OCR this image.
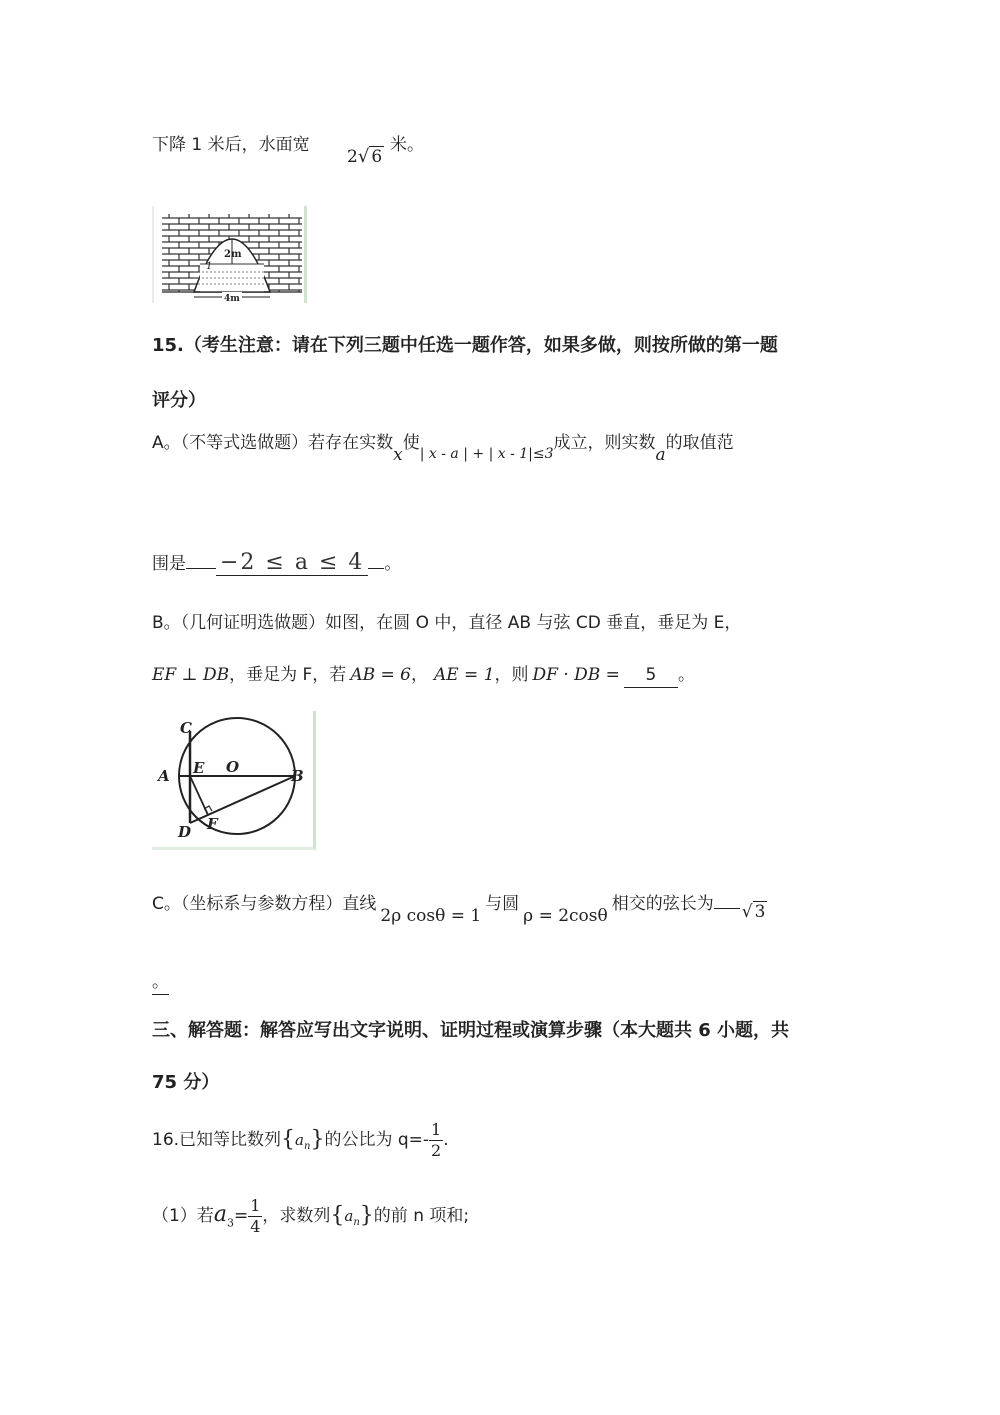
下降 1 米后，水面宽
2√ 6
米。
2m
1
4m
15.（考生注意：请在下列三题中任选一题作答，如果多做，则按所做的第一题
评分）
A。（不等式选做题）若存在实数x使$_{| x - a | + | x - 1|\le 3}$成立，则实数a的取值范
围是 −2 ≤ a ≤ 4 。
B。（几何证明选做题）如图，在圆 O 中，直径 AB 与弦 CD 垂直，垂足为 E，
EF ⊥ DB，垂足为 F，若 AB = 6， AE = 1，则 DF · DB = 5 。
C
E O
A	B
D F
C。（坐标系与参数方程）直线2ρ cosθ = 1与圆ρ = 2cosθ相交的弦长为 √ 3
。
三、解答题：解答应写出文字说明、证明过程或演算步骤（本大题共 6 小题，共
75 分）
16.已知等比数列$\{a_n\}$的公比为 $q=- \frac{1}{2}$ .
（1）若$a_3= \frac{1}{4}$ ，求数列$\{a_n\}$的前 n 项和;
